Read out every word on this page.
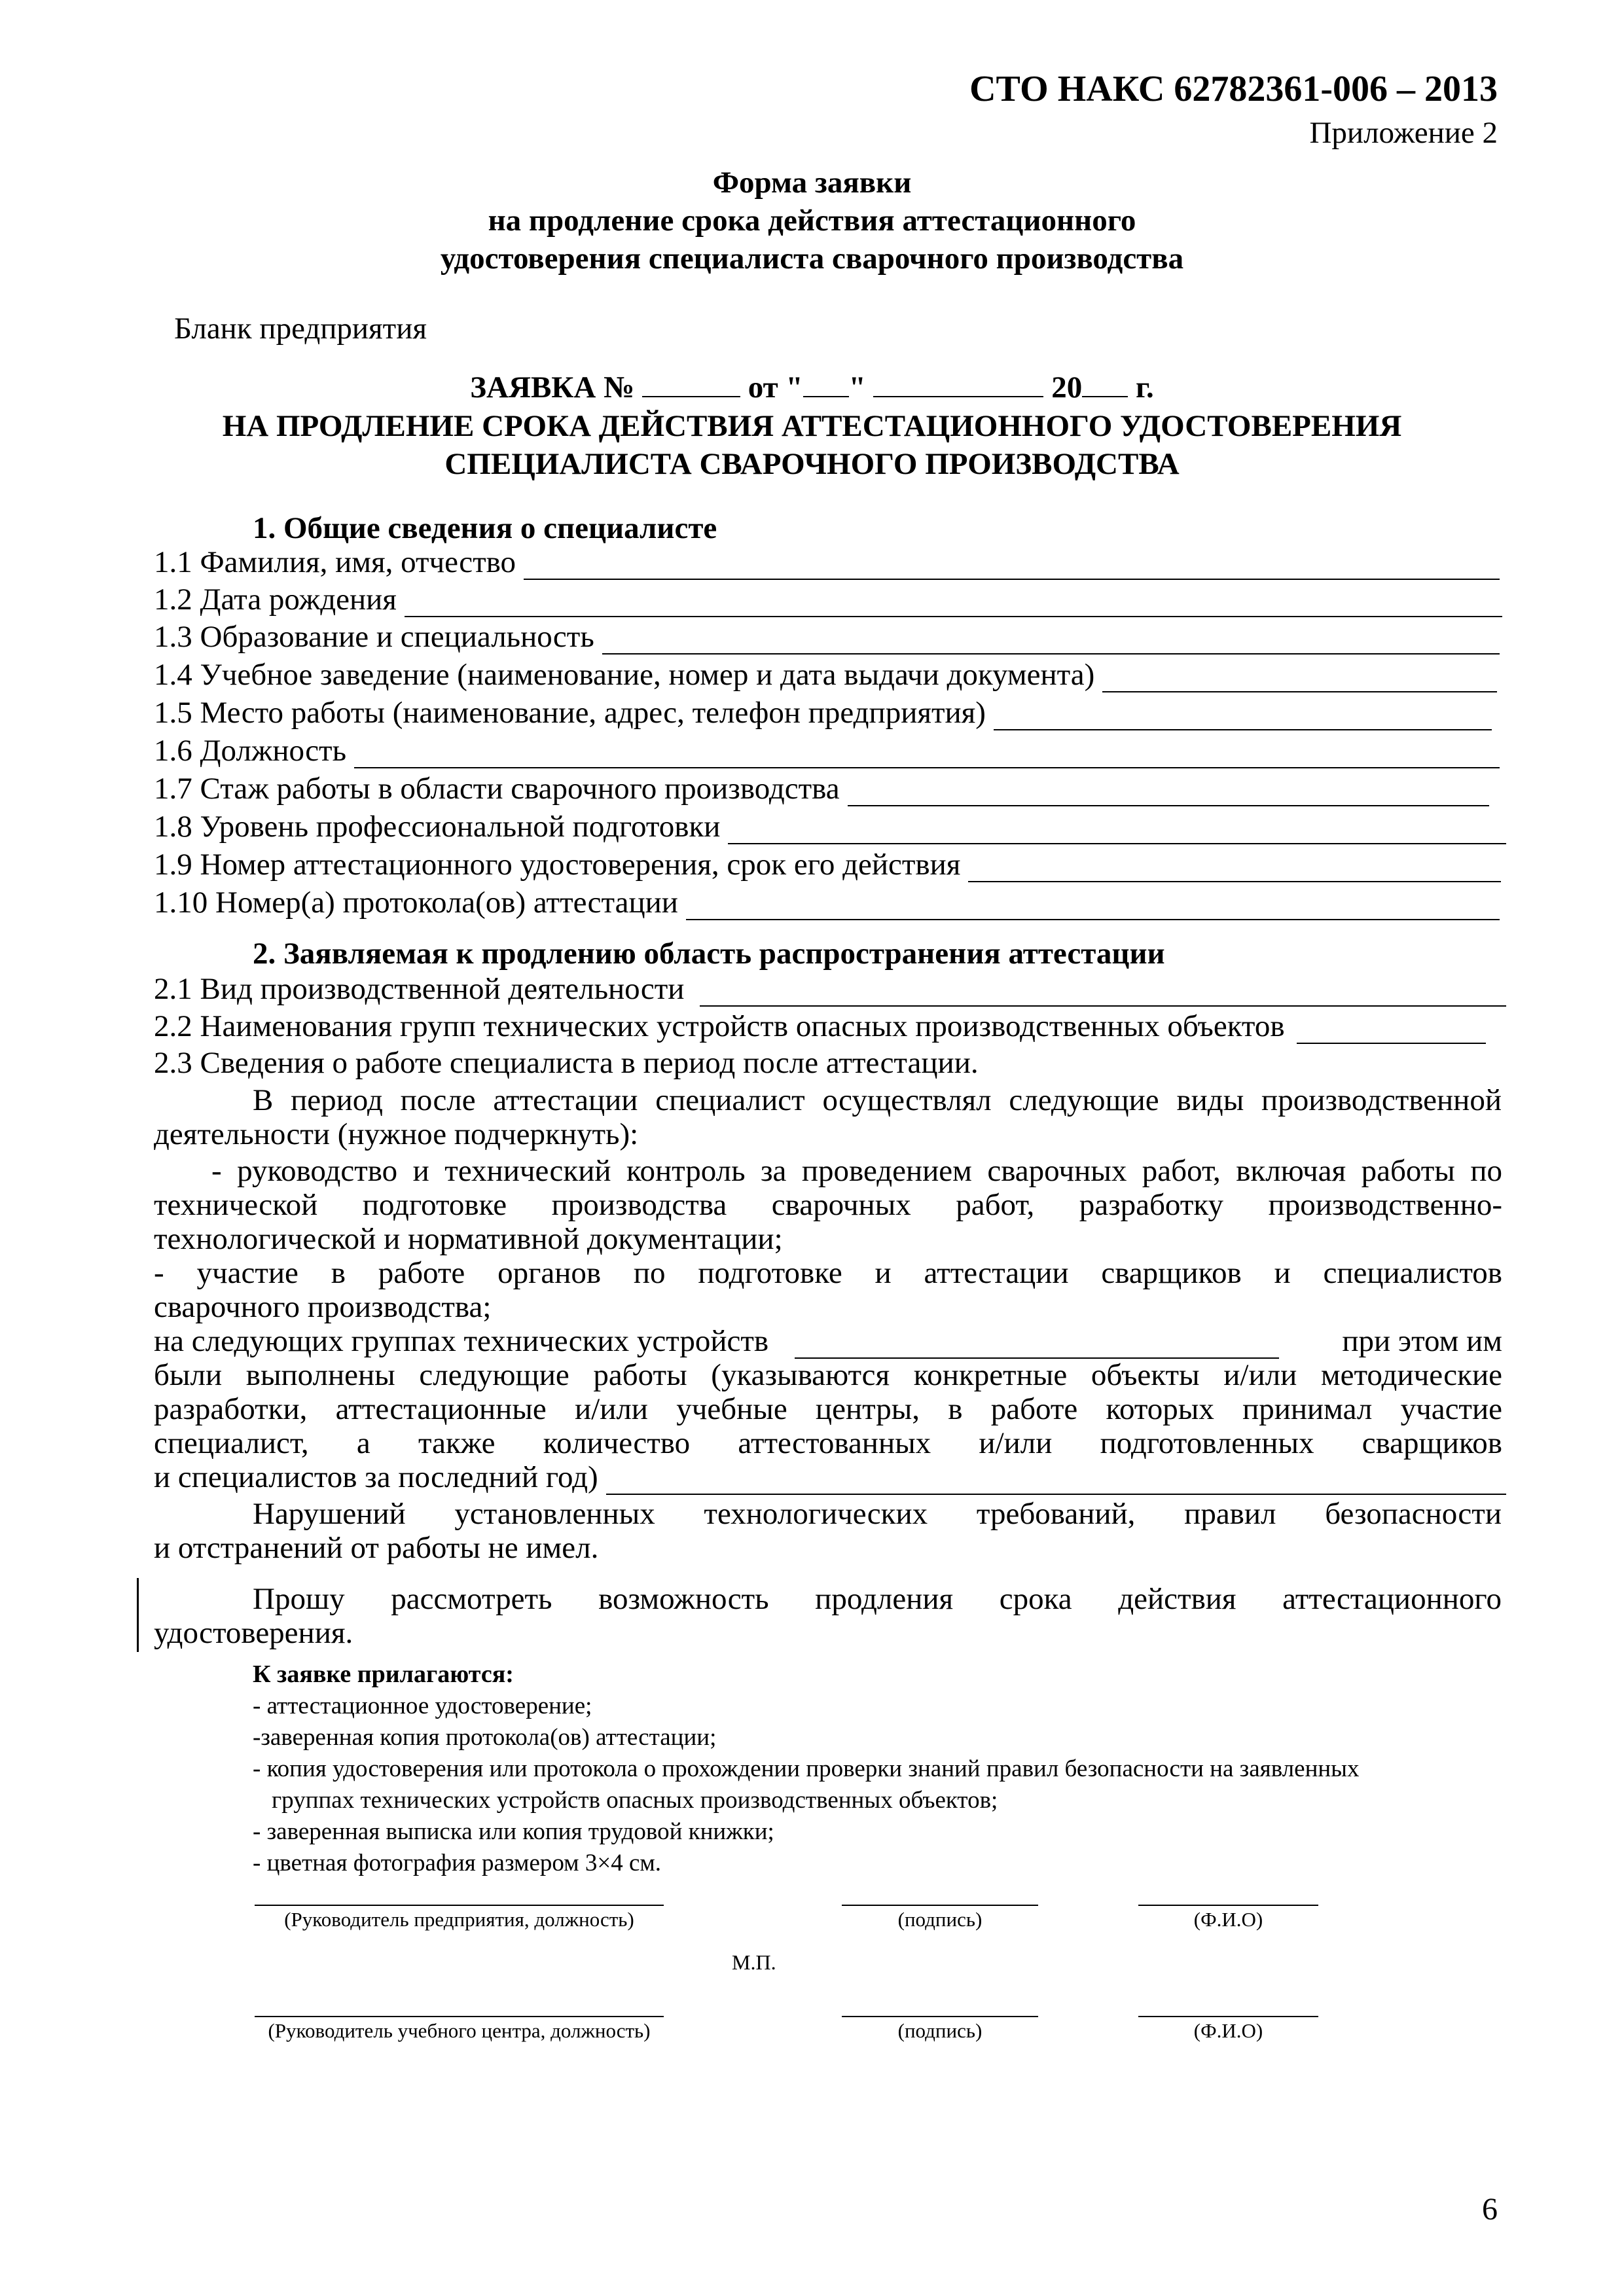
СТО НАКС 62782361-006 – 2013
Приложение 2
Форма заявки
на продление срока действия аттестационного
удостоверения специалиста сварочного производства
Бланк предприятия
ЗАЯВКА №	от " "	20 г.
НА ПРОДЛЕНИЕ СРОКА ДЕЙСТВИЯ АТТЕСТАЦИОННОГО УДОСТОВЕРЕНИЯ
СПЕЦИАЛИСТА СВАРОЧНОГО ПРОИЗВОДСТВА
1. Общие сведения о специалисте
1.1 Фамилия, имя, отчество
1.2 Дата рождения
1.3 Образование и специальность
1.4 Учебное заведение (наименование, номер и дата выдачи документа)
1.5 Место работы (наименование, адрес, телефон предприятия)
1.6 Должность
1.7 Стаж работы в области сварочного производства
1.8 Уровень профессиональной подготовки
1.9 Номер аттестационного удостоверения, срок его действия
1.10 Номер(а) протокола(ов) аттестации
2. Заявляемая к продлению область распространения аттестации
2.1 Вид производственной деятельности
2.2 Наименования групп технических устройств опасных производственных объектов
2.3 Сведения о работе специалиста в период после аттестации.
В период после аттестации специалист осуществлял следующие виды производственной
деятельности (нужное подчеркнуть):
- руководство и технический контроль за проведением сварочных работ, включая работы по
технической подготовке производства сварочных работ, разработку производственно-
технологической и нормативной документации;
- участие в работе органов по подготовке и аттестации сварщиков и специалистов
сварочного производства;
на следующих группах технических устройств	при этом им
были выполнены следующие работы (указываются конкретные объекты и/или методические
разработки, аттестационные и/или учебные центры, в работе которых принимал участие
специалист, а также количество аттестованных и/или подготовленных сварщиков
и специалистов за последний год)
Нарушений установленных технологических требований, правил безопасности
и отстранений от работы не имел.
Прошу рассмотреть возможность продления срока действия аттестационного
удостоверения.
К заявке прилагаются:
- аттестационное удостоверение;
-заверенная копия протокола(ов) аттестации;
- копия удостоверения или протокола о прохождении проверки знаний правил безопасности на заявленных
группах технических устройств опасных производственных объектов;
- заверенная выписка или копия трудовой книжки;
- цветная фотография размером 3×4 см.
(Руководитель предприятия, должность)	(подпись)	(Ф.И.О)
М.П.
(Руководитель учебного центра, должность)	(подпись)	(Ф.И.О)
6
